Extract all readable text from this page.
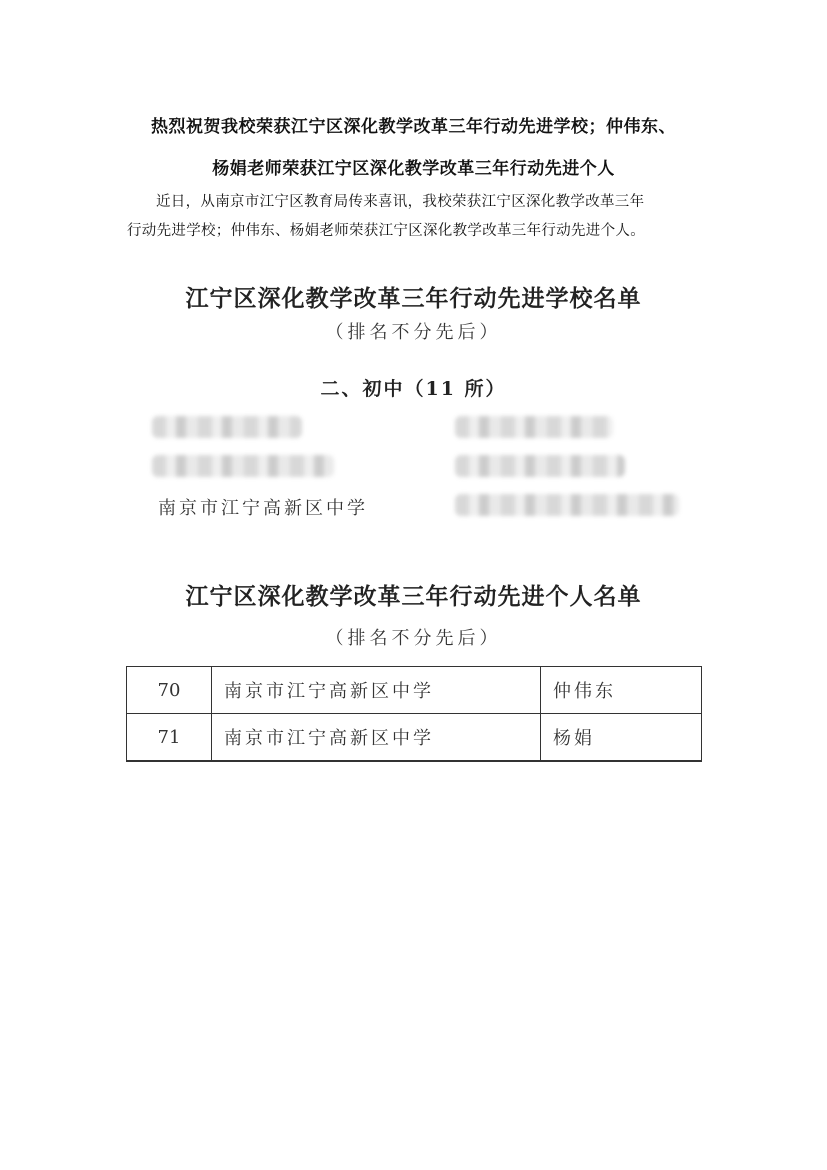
热烈祝贺我校荣获江宁区深化教学改革三年行动先进学校；仲伟东、
杨娟老师荣获江宁区深化教学改革三年行动先进个人

近日，从南京市江宁区教育局传来喜讯，我校荣获江宁区深化教学改革三年

行动先进学校；仲伟东、杨娟老师荣获江宁区深化教学改革三年行动先进个人。

江宁区深化教学改革三年行动先进学校名单
（排名不分先后）
二、初中（11 所）
南京市江宁高新区中学
江宁区深化教学改革三年行动先进个人名单
（排名不分先后）
70	南京市江宁高新区中学	仲伟东
71	南京市江宁高新区中学	杨娟
